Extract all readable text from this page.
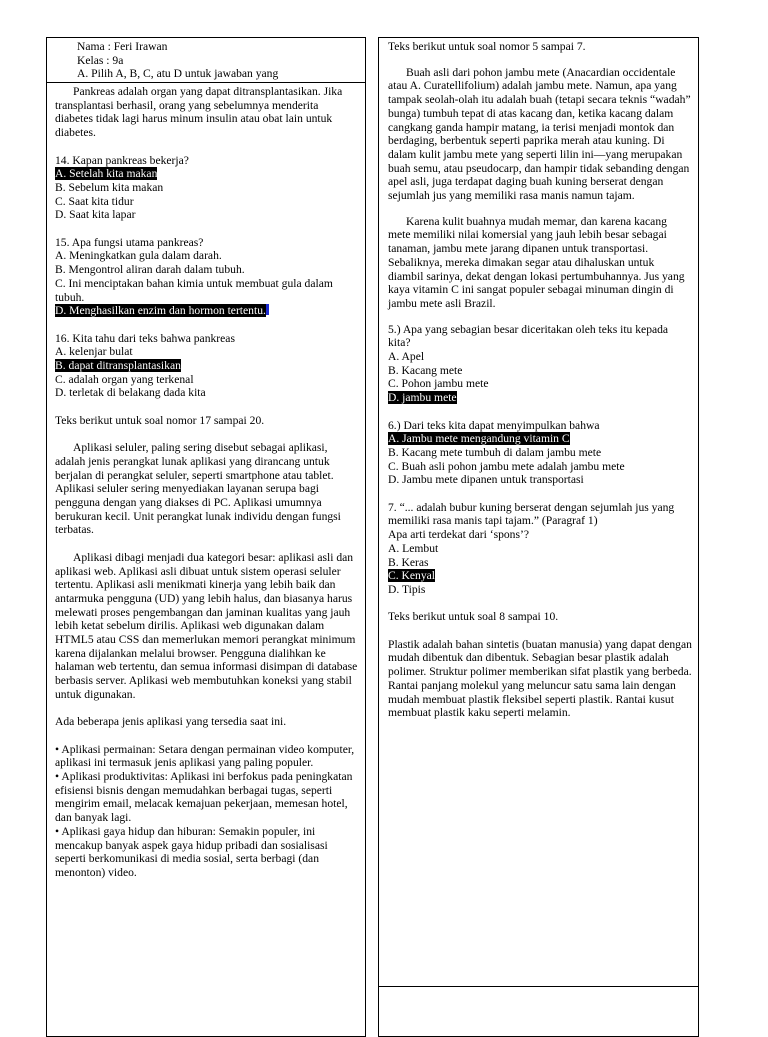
Nama : Feri Irawan

Kelas : 9a

A. Pilih A, B, C, atu D untuk jawaban yang

Pankreas adalah organ yang dapat ditransplantasikan. Jika transplantasi berhasil, orang yang sebelumnya menderita diabetes tidak lagi harus minum insulin atau obat lain untuk diabetes.

14. Kapan pankreas bekerja?

A. Setelah kita makan

B. Sebelum kita makan

C. Saat kita tidur

D. Saat kita lapar

15. Apa fungsi utama pankreas?

A. Meningkatkan gula dalam darah.

B. Mengontrol aliran darah dalam tubuh.

C. Ini menciptakan bahan kimia untuk membuat gula dalam tubuh.

D. Menghasilkan enzim dan hormon tertentu.

16. Kita tahu dari teks bahwa pankreas

A. kelenjar bulat

B. dapat ditransplantasikan

C. adalah organ yang terkenal

D. terletak di belakang dada kita

Teks berikut untuk soal nomor 17 sampai 20.

Aplikasi seluler, paling sering disebut sebagai aplikasi, adalah jenis perangkat lunak aplikasi yang dirancang untuk berjalan di perangkat seluler, seperti smartphone atau tablet. Aplikasi seluler sering menyediakan layanan serupa bagi pengguna dengan yang diakses di PC. Aplikasi umumnya berukuran kecil. Unit perangkat lunak individu dengan fungsi terbatas.

Aplikasi dibagi menjadi dua kategori besar: aplikasi asli dan aplikasi web. Aplikasi asli dibuat untuk sistem operasi seluler tertentu. Aplikasi asli menikmati kinerja yang lebih baik dan antarmuka pengguna (UD) yang lebih halus, dan biasanya harus melewati proses pengembangan dan jaminan kualitas yang jauh lebih ketat sebelum dirilis. Aplikasi web digunakan dalam HTML5 atau CSS dan memerlukan memori perangkat minimum karena dijalankan melalui browser. Pengguna dialihkan ke halaman web tertentu, dan semua informasi disimpan di database berbasis server. Aplikasi web membutuhkan koneksi yang stabil untuk digunakan.

Ada beberapa jenis aplikasi yang tersedia saat ini.

• Aplikasi permainan: Setara dengan permainan video komputer, aplikasi ini termasuk jenis aplikasi yang paling populer.

• Aplikasi produktivitas: Aplikasi ini berfokus pada peningkatan efisiensi bisnis dengan memudahkan berbagai tugas, seperti mengirim email, melacak kemajuan pekerjaan, memesan hotel, dan banyak lagi.

• Aplikasi gaya hidup dan hiburan: Semakin populer, ini mencakup banyak aspek gaya hidup pribadi dan sosialisasi seperti berkomunikasi di media sosial, serta berbagi (dan menonton) video.

Teks berikut untuk soal nomor 5 sampai 7.

Buah asli dari pohon jambu mete (Anacardian occidentale atau A. Curatellifolium) adalah jambu mete. Namun, apa yang tampak seolah-olah itu adalah buah (tetapi secara teknis “wadah” bunga) tumbuh tepat di atas kacang dan, ketika kacang dalam cangkang ganda hampir matang, ia terisi menjadi montok dan berdaging, berbentuk seperti paprika merah atau kuning. Di dalam kulit jambu mete yang seperti lilin ini—yang merupakan buah semu, atau pseudocarp, dan hampir tidak sebanding dengan apel asli, juga terdapat daging buah kuning berserat dengan sejumlah jus yang memiliki rasa manis namun tajam.

Karena kulit buahnya mudah memar, dan karena kacang mete memiliki nilai komersial yang jauh lebih besar sebagai tanaman, jambu mete jarang dipanen untuk transportasi. Sebaliknya, mereka dimakan segar atau dihaluskan untuk diambil sarinya, dekat dengan lokasi pertumbuhannya. Jus yang kaya vitamin C ini sangat populer sebagai minuman dingin di jambu mete asli Brazil.

5.) Apa yang sebagian besar diceritakan oleh teks itu kepada kita?

A. Apel

B. Kacang mete

C. Pohon jambu mete

D. jambu mete

6.) Dari teks kita dapat menyimpulkan bahwa

A. Jambu mete mengandung vitamin C

B. Kacang mete tumbuh di dalam jambu mete

C. Buah asli pohon jambu mete adalah jambu mete

D. Jambu mete dipanen untuk transportasi

7. “... adalah bubur kuning berserat dengan sejumlah jus yang memiliki rasa manis tapi tajam.” (Paragraf 1)

Apa arti terdekat dari ‘spons’?

A. Lembut

B. Keras

C. Kenyal

D. Tipis

Teks berikut untuk soal 8 sampai 10.

Plastik adalah bahan sintetis (buatan manusia) yang dapat dengan mudah dibentuk dan dibentuk. Sebagian besar plastik adalah polimer. Struktur polimer memberikan sifat plastik yang berbeda. Rantai panjang molekul yang meluncur satu sama lain dengan mudah membuat plastik fleksibel seperti plastik. Rantai kusut membuat plastik kaku seperti melamin.
